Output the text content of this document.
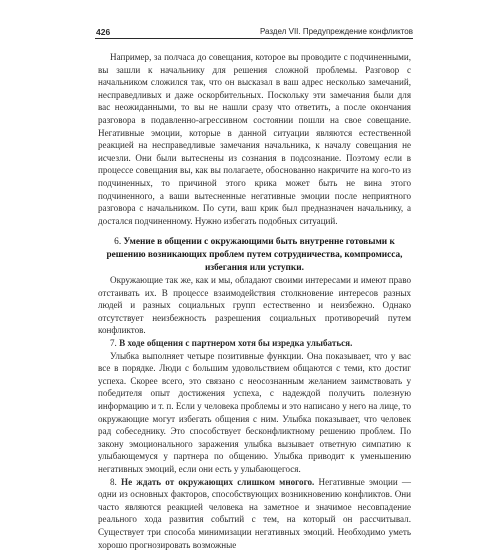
426	Раздел VII. Предупреждение конфликтов

Например, за полчаса до совещания, которое вы проводите с подчиненными, вы зашли к начальнику для решения сложной проблемы. Разговор с начальником сложился так, что он высказал в ваш адрес несколько замечаний, несправедливых и даже оскорбительных. Поскольку эти замечания были для вас неожиданными, то вы не нашли сразу что ответить, а после окончания разговора в подавленно-агрессивном состоянии пошли на свое совещание. Негативные эмоции, которые в данной ситуации являются естественной реакцией на несправедливые замечания начальника, к началу совещания не исчезли. Они были вытеснены из сознания в подсознание. Поэтому если в процессе совещания вы, как вы полагаете, обоснованно накричите на кого-то из подчиненных, то причиной этого крика может быть не вина этого подчиненного, а ваши вытесненные негативные эмоции после неприятного разговора с начальником. По сути, ваш крик был предназначен начальнику, а достался подчиненному. Нужно избегать подобных ситуаций.

6. Умение в общении с окружающими быть внутренне готовыми к решению возникающих проблем путем сотрудничества, компромисса, избегания или уступки.

Окружающие так же, как и мы, обладают своими интересами и имеют право отстаивать их. В процессе взаимодействия столкновение интересов разных людей и разных социальных групп естественно и неизбежно. Однако отсутствует неизбежность разрешения социальных противоречий путем конфликтов.

7. В ходе общения с партнером хотя бы изредка улыбаться.

Улыбка выполняет четыре позитивные функции. Она показывает, что у вас все в порядке. Люди с большим удовольствием общаются с теми, кто достиг успеха. Скорее всего, это связано с неосознанным желанием заимствовать у победителя опыт достижения успеха, с надеждой получить полезную информацию и т. п. Если у человека проблемы и это написано у него на лице, то окружающие могут избегать общения с ним. Улыбка показывает, что человек рад собеседнику. Это способствует бесконфликтному решению проблем. По закону эмоционального заражения улыбка вызывает ответную симпатию к улыбающемуся у партнера по общению. Улыбка приводит к уменьшению негативных эмоций, если они есть у улыбающегося.

8. Не ждать от окружающих слишком многого. Негативные эмоции — одни из основных факторов, способствующих возникновению конфликтов. Они часто являются реакцией человека на заметное и значимое несовпадение реального хода развития событий с тем, на который он рассчитывал. Существует три способа минимизации негативных эмоций. Необходимо уметь хорошо прогнозировать возможные
